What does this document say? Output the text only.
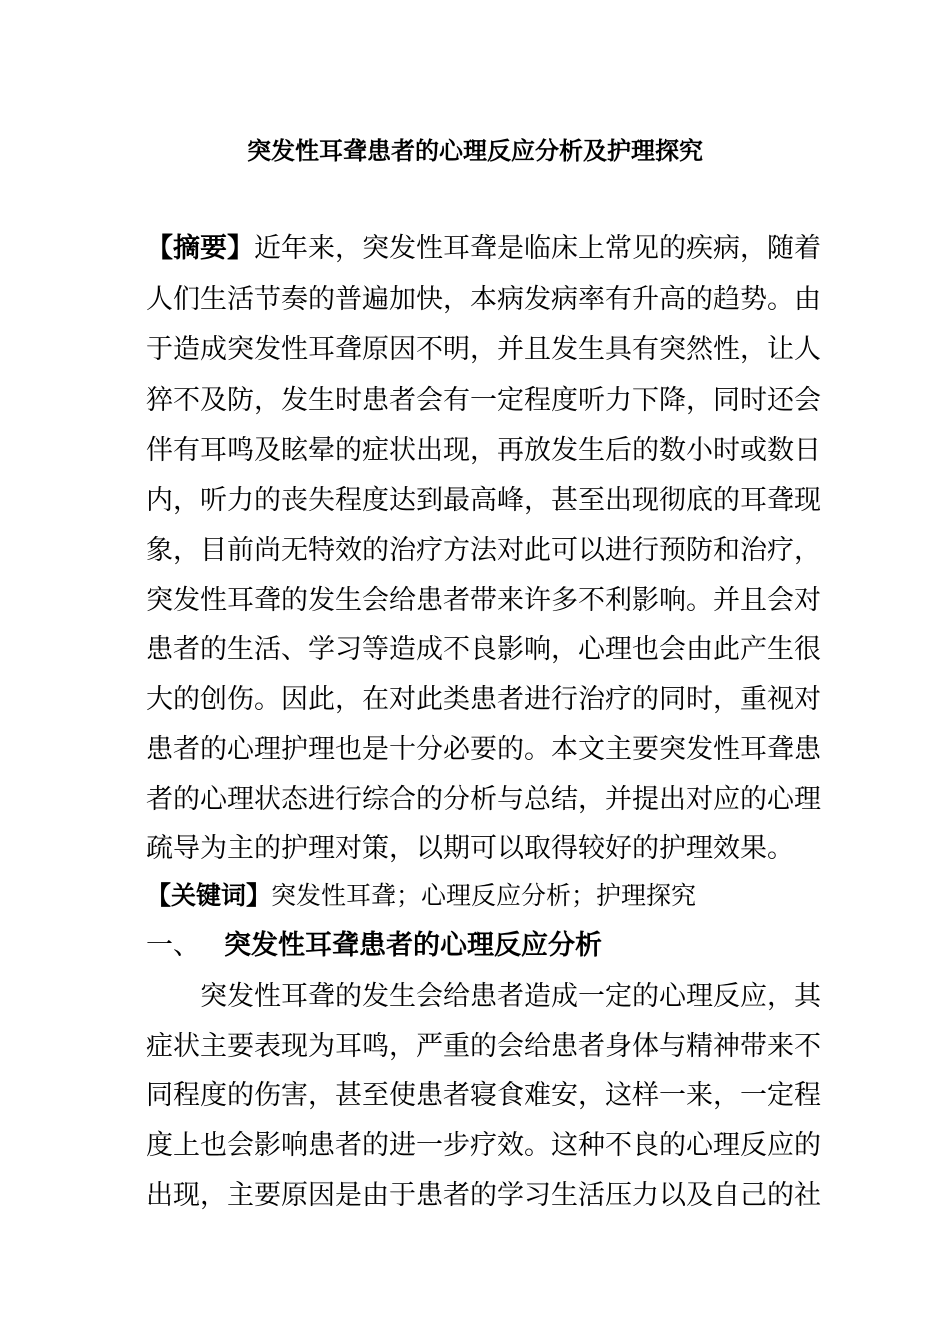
突发性耳聋患者的心理反应分析及护理探究
【摘要】近年来，突发性耳聋是临床上常见的疾病，随着
人们生活节奏的普遍加快，本病发病率有升高的趋势。由
于造成突发性耳聋原因不明，并且发生具有突然性，让人
猝不及防，发生时患者会有一定程度听力下降，同时还会
伴有耳鸣及眩晕的症状出现，再放发生后的数小时或数日
内，听力的丧失程度达到最高峰，甚至出现彻底的耳聋现
象，目前尚无特效的治疗方法对此可以进行预防和治疗，
突发性耳聋的发生会给患者带来许多不利影响。并且会对
患者的生活、学习等造成不良影响，心理也会由此产生很
大的创伤。因此，在对此类患者进行治疗的同时，重视对
患者的心理护理也是十分必要的。本文主要突发性耳聋患
者的心理状态进行综合的分析与总结，并提出对应的心理
疏导为主的护理对策，以期可以取得较好的护理效果。
【关键词】突发性耳聋；心理反应分析；护理探究
一、 突发性耳聋患者的心理反应分析
突发性耳聋的发生会给患者造成一定的心理反应，其
症状主要表现为耳鸣，严重的会给患者身体与精神带来不
同程度的伤害，甚至使患者寝食难安，这样一来，一定程
度上也会影响患者的进一步疗效。这种不良的心理反应的
出现，主要原因是由于患者的学习生活压力以及自己的社
